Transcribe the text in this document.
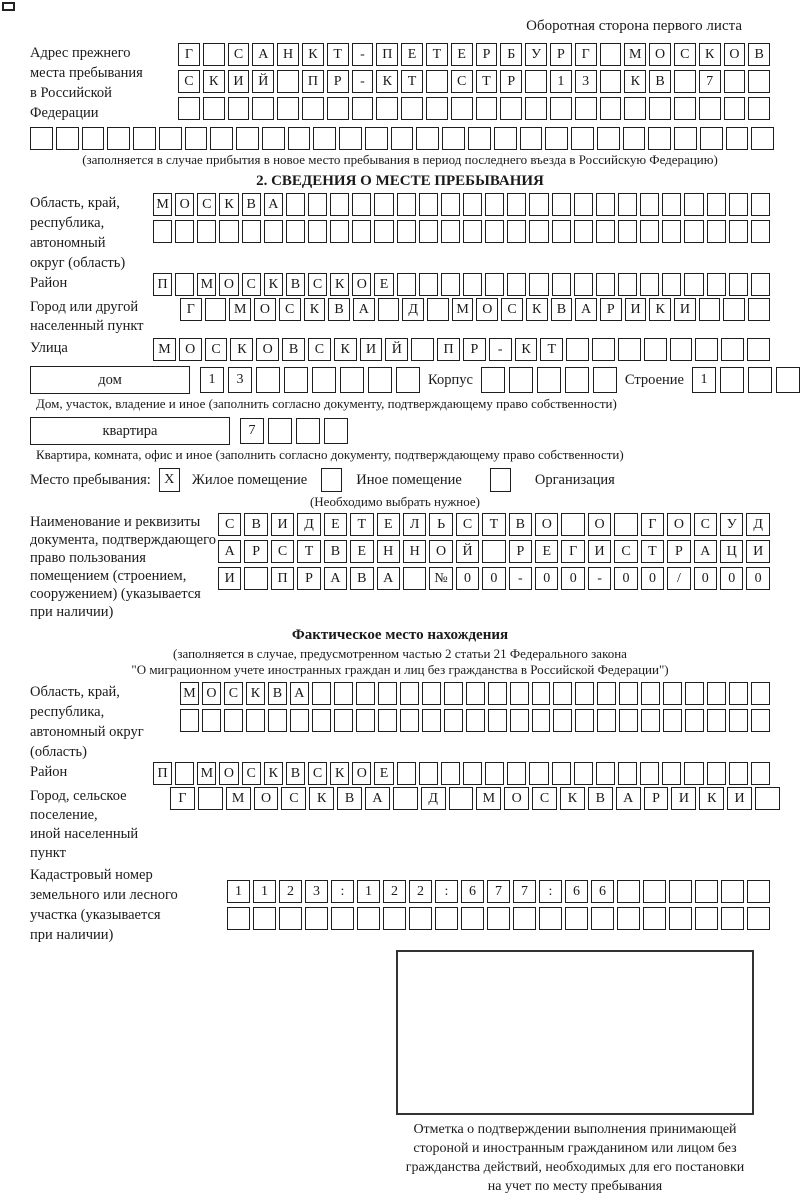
Оборотная сторона первого листа
Адрес прежнего
места пребывания
в Российской
Федерации
Г	С	А	Н	К	Т	-	П	Е	Т	Е	Р	Б	У	Р	Г	М О	С	К	О	В
С	К	И	Й	П	Р	-	К	Т	С	Т	Р	1	3	К	В	7
(заполняется в случае прибытия в новое место пребывания в период последнего въезда в Российскую Федерацию)
2. СВЕДЕНИЯ О МЕСТЕ ПРЕБЫВАНИЯ
Область, край,
республика,
автономный
округ (область)
М О С К В А
Район	П	М О С К В С К О Е
Город или другой
населенный пункт
Г	М О	С	К	В	А	Д	М О	С	К	В	А	Р	И	К	И
Улица	М	О	С	К	О	В	С	К	И	Й	П	Р	-	К	Т
дом	1	3	Корпус	Строение	1
Дом, участок, владение и иное (заполнить согласно документу, подтверждающему право собственности)
квартира	7
Квартира, комната, офис и иное (заполнить согласно документу, подтверждающему право собственности)
Место пребывания: X	Жилое помещение	Иное помещение	Организация
(Необходимо выбрать нужное)
Наименование и реквизиты
документа, подтверждающего
право пользования
помещением (строением,
сооружением) (указывается
при наличии)
С	В	И	Д	Е	Т	Е	Л	Ь	С	Т	В	О	О	Г	О	С	У	Д
А	Р	С	Т	В	Е	Н	Н	О	Й	Р	Е	Г	И	С	Т	Р	А	Ц	И
И	П	Р	А	В	А	№	0	0	-	0	0	-	0	0	/	0	0	0
Фактическое место нахождения
(заполняется в случае, предусмотренном частью 2 статьи 21 Федерального закона
"О миграционном учете иностранных граждан и лиц без гражданства в Российской Федерации")
Область, край,
республика,
автономный округ
(область)
М О С К В А
Район	П	М О С К В С К О Е
Город, сельское поселение,
иной населенный пункт
Г	М	О	С	К	В	А	Д	М	О	С	К	В	А	Р	И	К	И
Кадастровый номер
земельного или лесного
участка (указывается
при наличии)
1	1	2	3	:	1	2	2	:	6	7	7	:	6	6
Отметка о подтверждении выполнения принимающей
стороной и иностранным гражданином или лицом без
гражданства действий, необходимых для его постановки
на учет по месту пребывания
